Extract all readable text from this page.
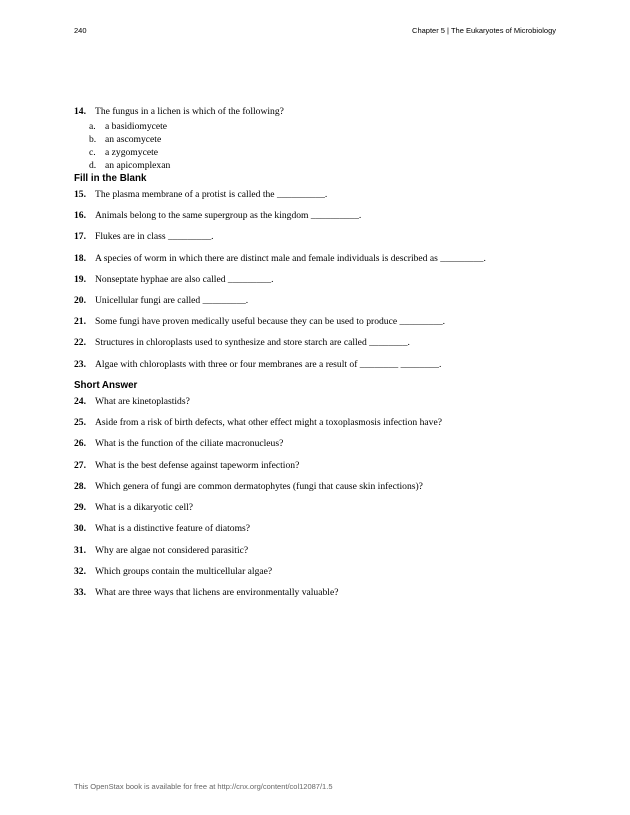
240	Chapter 5 | The Eukaryotes of Microbiology
14. The fungus in a lichen is which of the following?
a. a basidiomycete
b. an ascomycete
c. a zygomycete
d. an apicomplexan
Fill in the Blank
15. The plasma membrane of a protist is called the __________.
16. Animals belong to the same supergroup as the kingdom __________.
17. Flukes are in class _________.
18. A species of worm in which there are distinct male and female individuals is described as _________.
19. Nonseptate hyphae are also called _________.
20. Unicellular fungi are called _________.
21. Some fungi have proven medically useful because they can be used to produce _________.
22. Structures in chloroplasts used to synthesize and store starch are called ________.
23. Algae with chloroplasts with three or four membranes are a result of ________ ________.
Short Answer
24. What are kinetoplastids?
25. Aside from a risk of birth defects, what other effect might a toxoplasmosis infection have?
26. What is the function of the ciliate macronucleus?
27. What is the best defense against tapeworm infection?
28. Which genera of fungi are common dermatophytes (fungi that cause skin infections)?
29. What is a dikaryotic cell?
30. What is a distinctive feature of diatoms?
31. Why are algae not considered parasitic?
32. Which groups contain the multicellular algae?
33. What are three ways that lichens are environmentally valuable?
This OpenStax book is available for free at http://cnx.org/content/col12087/1.5
